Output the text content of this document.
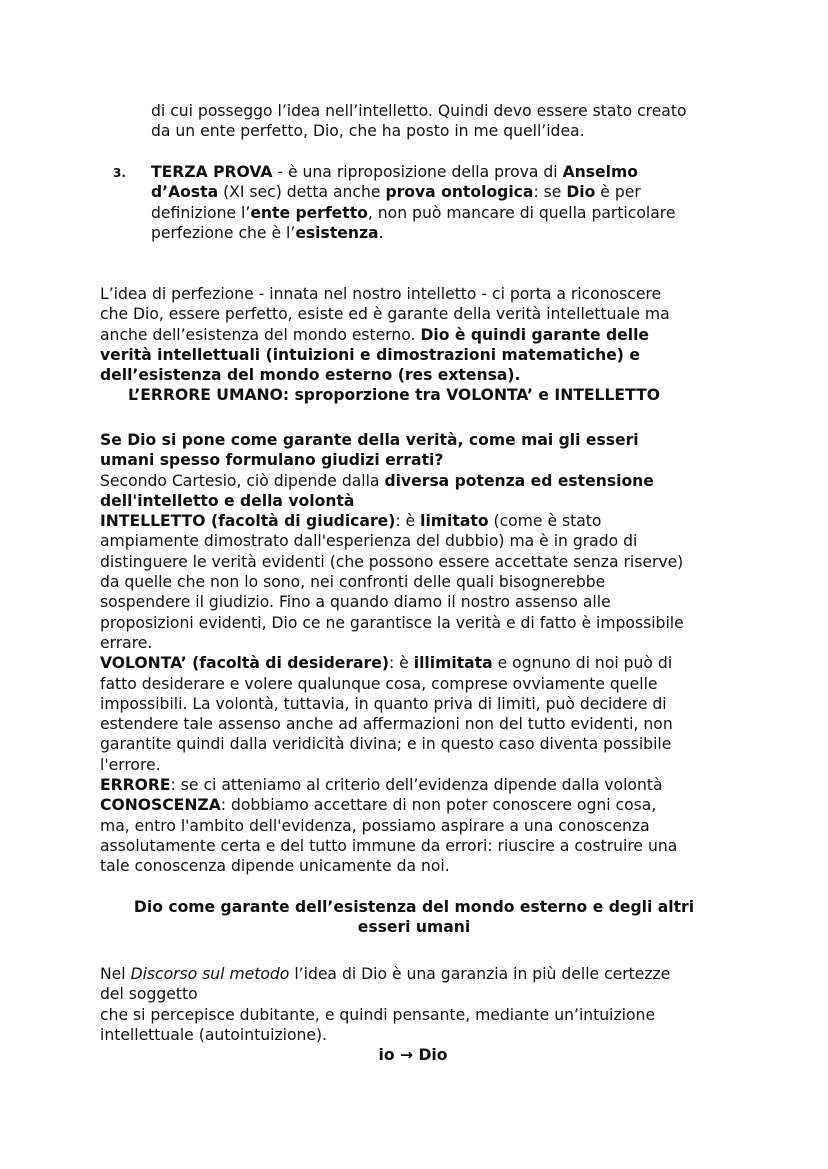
di cui posseggo l’idea nell’intelletto. Quindi devo essere stato creato

da un ente perfetto, Dio, che ha posto in me quell’idea.

3. TERZA PROVA - è una riproposizione della prova di Anselmo

d’Aosta (XI sec) detta anche prova ontologica: se Dio è per

definizione l’ente perfetto, non può mancare di quella particolare

perfezione che è l’esistenza.

L’idea di perfezione - innata nel nostro intelletto - ci porta a riconoscere

che Dio, essere perfetto, esiste ed è garante della verità intellettuale ma

anche dell’esistenza del mondo esterno. Dio è quindi garante delle

verità intellettuali (intuizioni e dimostrazioni matematiche) e

dell’esistenza del mondo esterno (res extensa).

L’ERRORE UMANO: sproporzione tra VOLONTA’ e INTELLETTO

Se Dio si pone come garante della verità, come mai gli esseri

umani spesso formulano giudizi errati?

Secondo Cartesio, ciò dipende dalla diversa potenza ed estensione

dell'intelletto e della volontà

INTELLETTO (facoltà di giudicare): è limitato (come è stato

ampiamente dimostrato dall'esperienza del dubbio) ma è in grado di

distinguere le verità evidenti (che possono essere accettate senza riserve)

da quelle che non lo sono, nei confronti delle quali bisognerebbe

sospendere il giudizio. Fino a quando diamo il nostro assenso alle

proposizioni evidenti, Dio ce ne garantisce la verità e di fatto è impossibile

errare.

VOLONTA’ (facoltà di desiderare): è illimitata e ognuno di noi può di

fatto desiderare e volere qualunque cosa, comprese ovviamente quelle

impossibili. La volontà, tuttavia, in quanto priva di limiti, può decidere di

estendere tale assenso anche ad affermazioni non del tutto evidenti, non

garantite quindi dalla veridicità divina; e in questo caso diventa possibile

l'errore.

ERRORE: se ci atteniamo al criterio dell’evidenza dipende dalla volontà

CONOSCENZA: dobbiamo accettare di non poter conoscere ogni cosa,

ma, entro l'ambito dell'evidenza, possiamo aspirare a una conoscenza

assolutamente certa e del tutto immune da errori: riuscire a costruire una

tale conoscenza dipende unicamente da noi.

Dio come garante dell’esistenza del mondo esterno e degli altri

esseri umani

Nel Discorso sul metodo l’idea di Dio è una garanzia in più delle certezze

del soggetto

che si percepisce dubitante, e quindi pensante, mediante un’intuizione

intellettuale (autointuizione).

io → Dio
